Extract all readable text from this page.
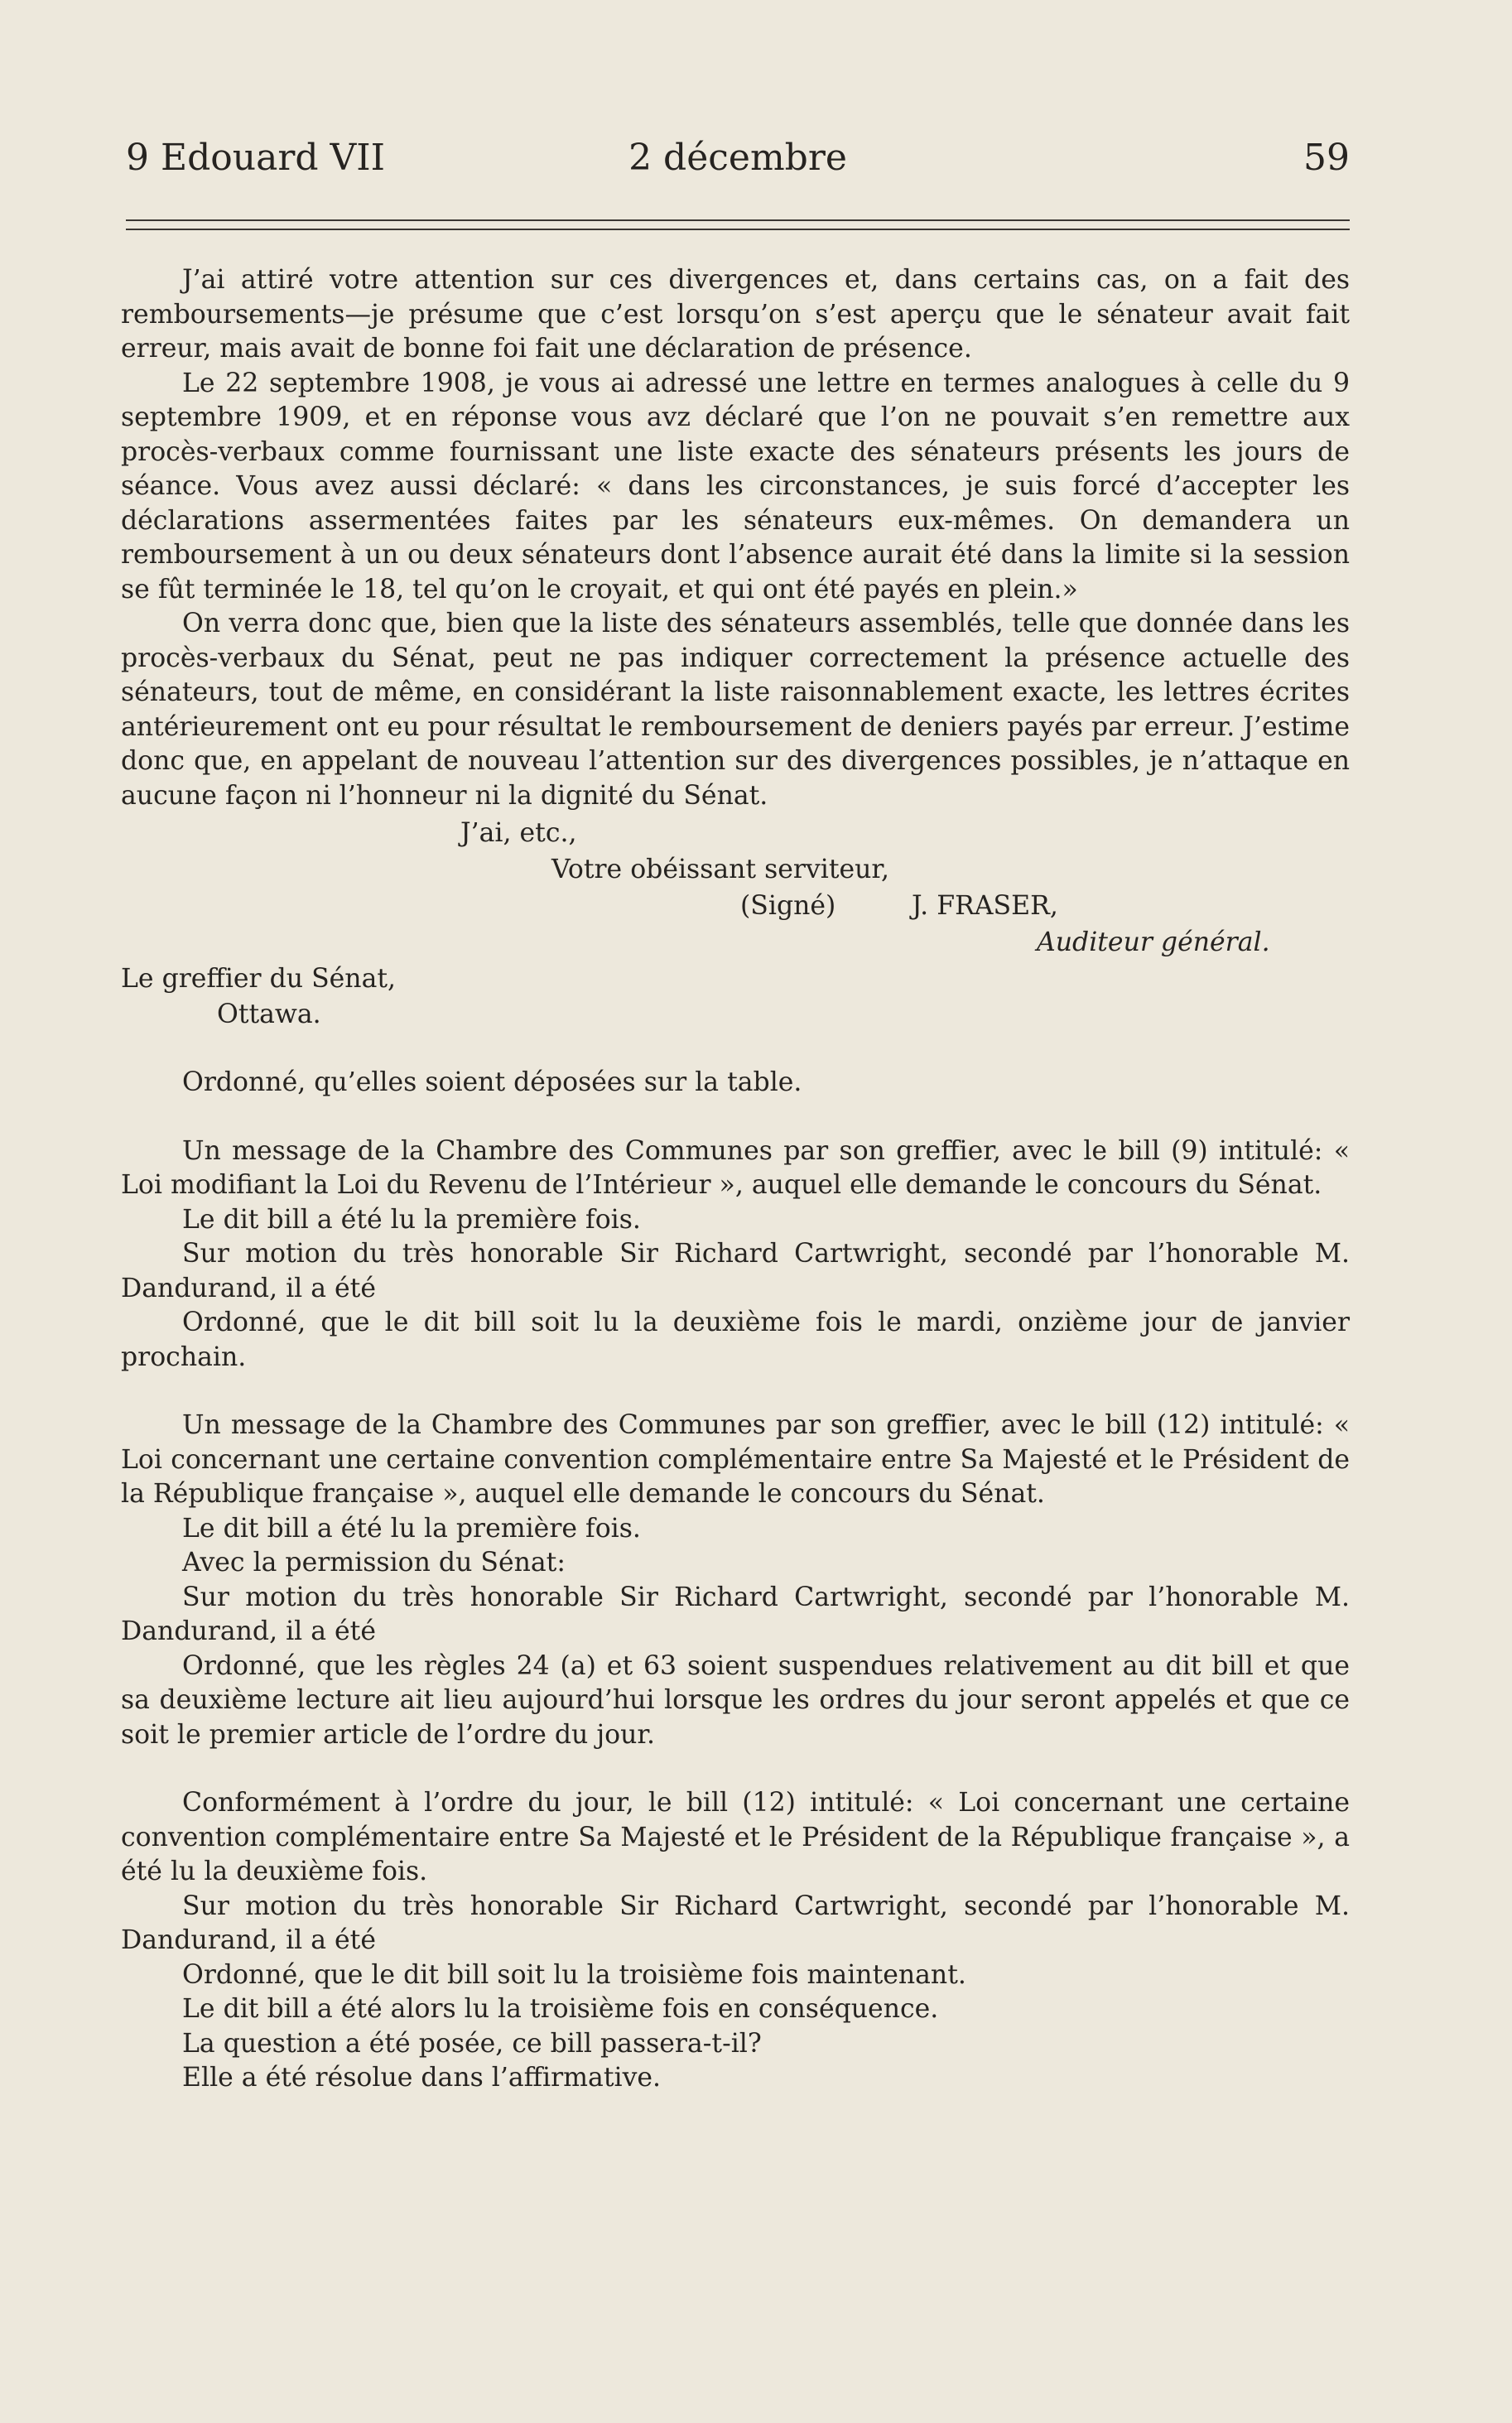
9 Edouard VII	2 décembre	59

J’ai attiré votre attention sur ces divergences et, dans certains cas, on a fait des remboursements—je présume que c’est lorsqu’on s’est aperçu que le sénateur avait fait erreur, mais avait de bonne foi fait une déclaration de présence.

Le 22 septembre 1908, je vous ai adressé une lettre en termes analogues à celle du 9 septembre 1909, et en réponse vous avz déclaré que l’on ne pouvait s’en remettre aux procès-verbaux comme fournissant une liste exacte des sénateurs présents les jours de séance. Vous avez aussi déclaré: « dans les circonstances, je suis forcé d’accepter les déclarations assermentées faites par les sénateurs eux-mêmes. On demandera un remboursement à un ou deux sénateurs dont l’absence aurait été dans la limite si la session se fût terminée le 18, tel qu’on le croyait, et qui ont été payés en plein.»

On verra donc que, bien que la liste des sénateurs assemblés, telle que donnée dans les procès-verbaux du Sénat, peut ne pas indiquer correctement la présence actuelle des sénateurs, tout de même, en considérant la liste raisonnablement exacte, les lettres écrites antérieurement ont eu pour résultat le remboursement de deniers payés par erreur. J’estime donc que, en appelant de nouveau l’attention sur des divergences possibles, je n’attaque en aucune façon ni l’honneur ni la dignité du Sénat.

J’ai, etc.,
Votre obéissant serviteur,
(Signé)	J. FRASER,
Auditeur général.
Le greffier du Sénat,
Ottawa.

Ordonné, qu’elles soient déposées sur la table.

Un message de la Chambre des Communes par son greffier, avec le bill (9) intitulé: « Loi modifiant la Loi du Revenu de l’Intérieur », auquel elle demande le concours du Sénat.

Le dit bill a été lu la première fois.

Sur motion du très honorable Sir Richard Cartwright, secondé par l’honorable M. Dandurand, il a été

Ordonné, que le dit bill soit lu la deuxième fois le mardi, onzième jour de janvier prochain.

Un message de la Chambre des Communes par son greffier, avec le bill (12) intitulé: « Loi concernant une certaine convention complémentaire entre Sa Majesté et le Président de la République française », auquel elle demande le concours du Sénat.

Le dit bill a été lu la première fois.

Avec la permission du Sénat:

Sur motion du très honorable Sir Richard Cartwright, secondé par l’honorable M. Dandurand, il a été

Ordonné, que les règles 24 (a) et 63 soient suspendues relativement au dit bill et que sa deuxième lecture ait lieu aujourd’hui lorsque les ordres du jour seront appelés et que ce soit le premier article de l’ordre du jour.

Conformément à l’ordre du jour, le bill (12) intitulé: « Loi concernant une certaine convention complémentaire entre Sa Majesté et le Président de la République française », a été lu la deuxième fois.

Sur motion du très honorable Sir Richard Cartwright, secondé par l’honorable M. Dandurand, il a été

Ordonné, que le dit bill soit lu la troisième fois maintenant.

Le dit bill a été alors lu la troisième fois en conséquence.

La question a été posée, ce bill passera-t-il?

Elle a été résolue dans l’affirmative.
